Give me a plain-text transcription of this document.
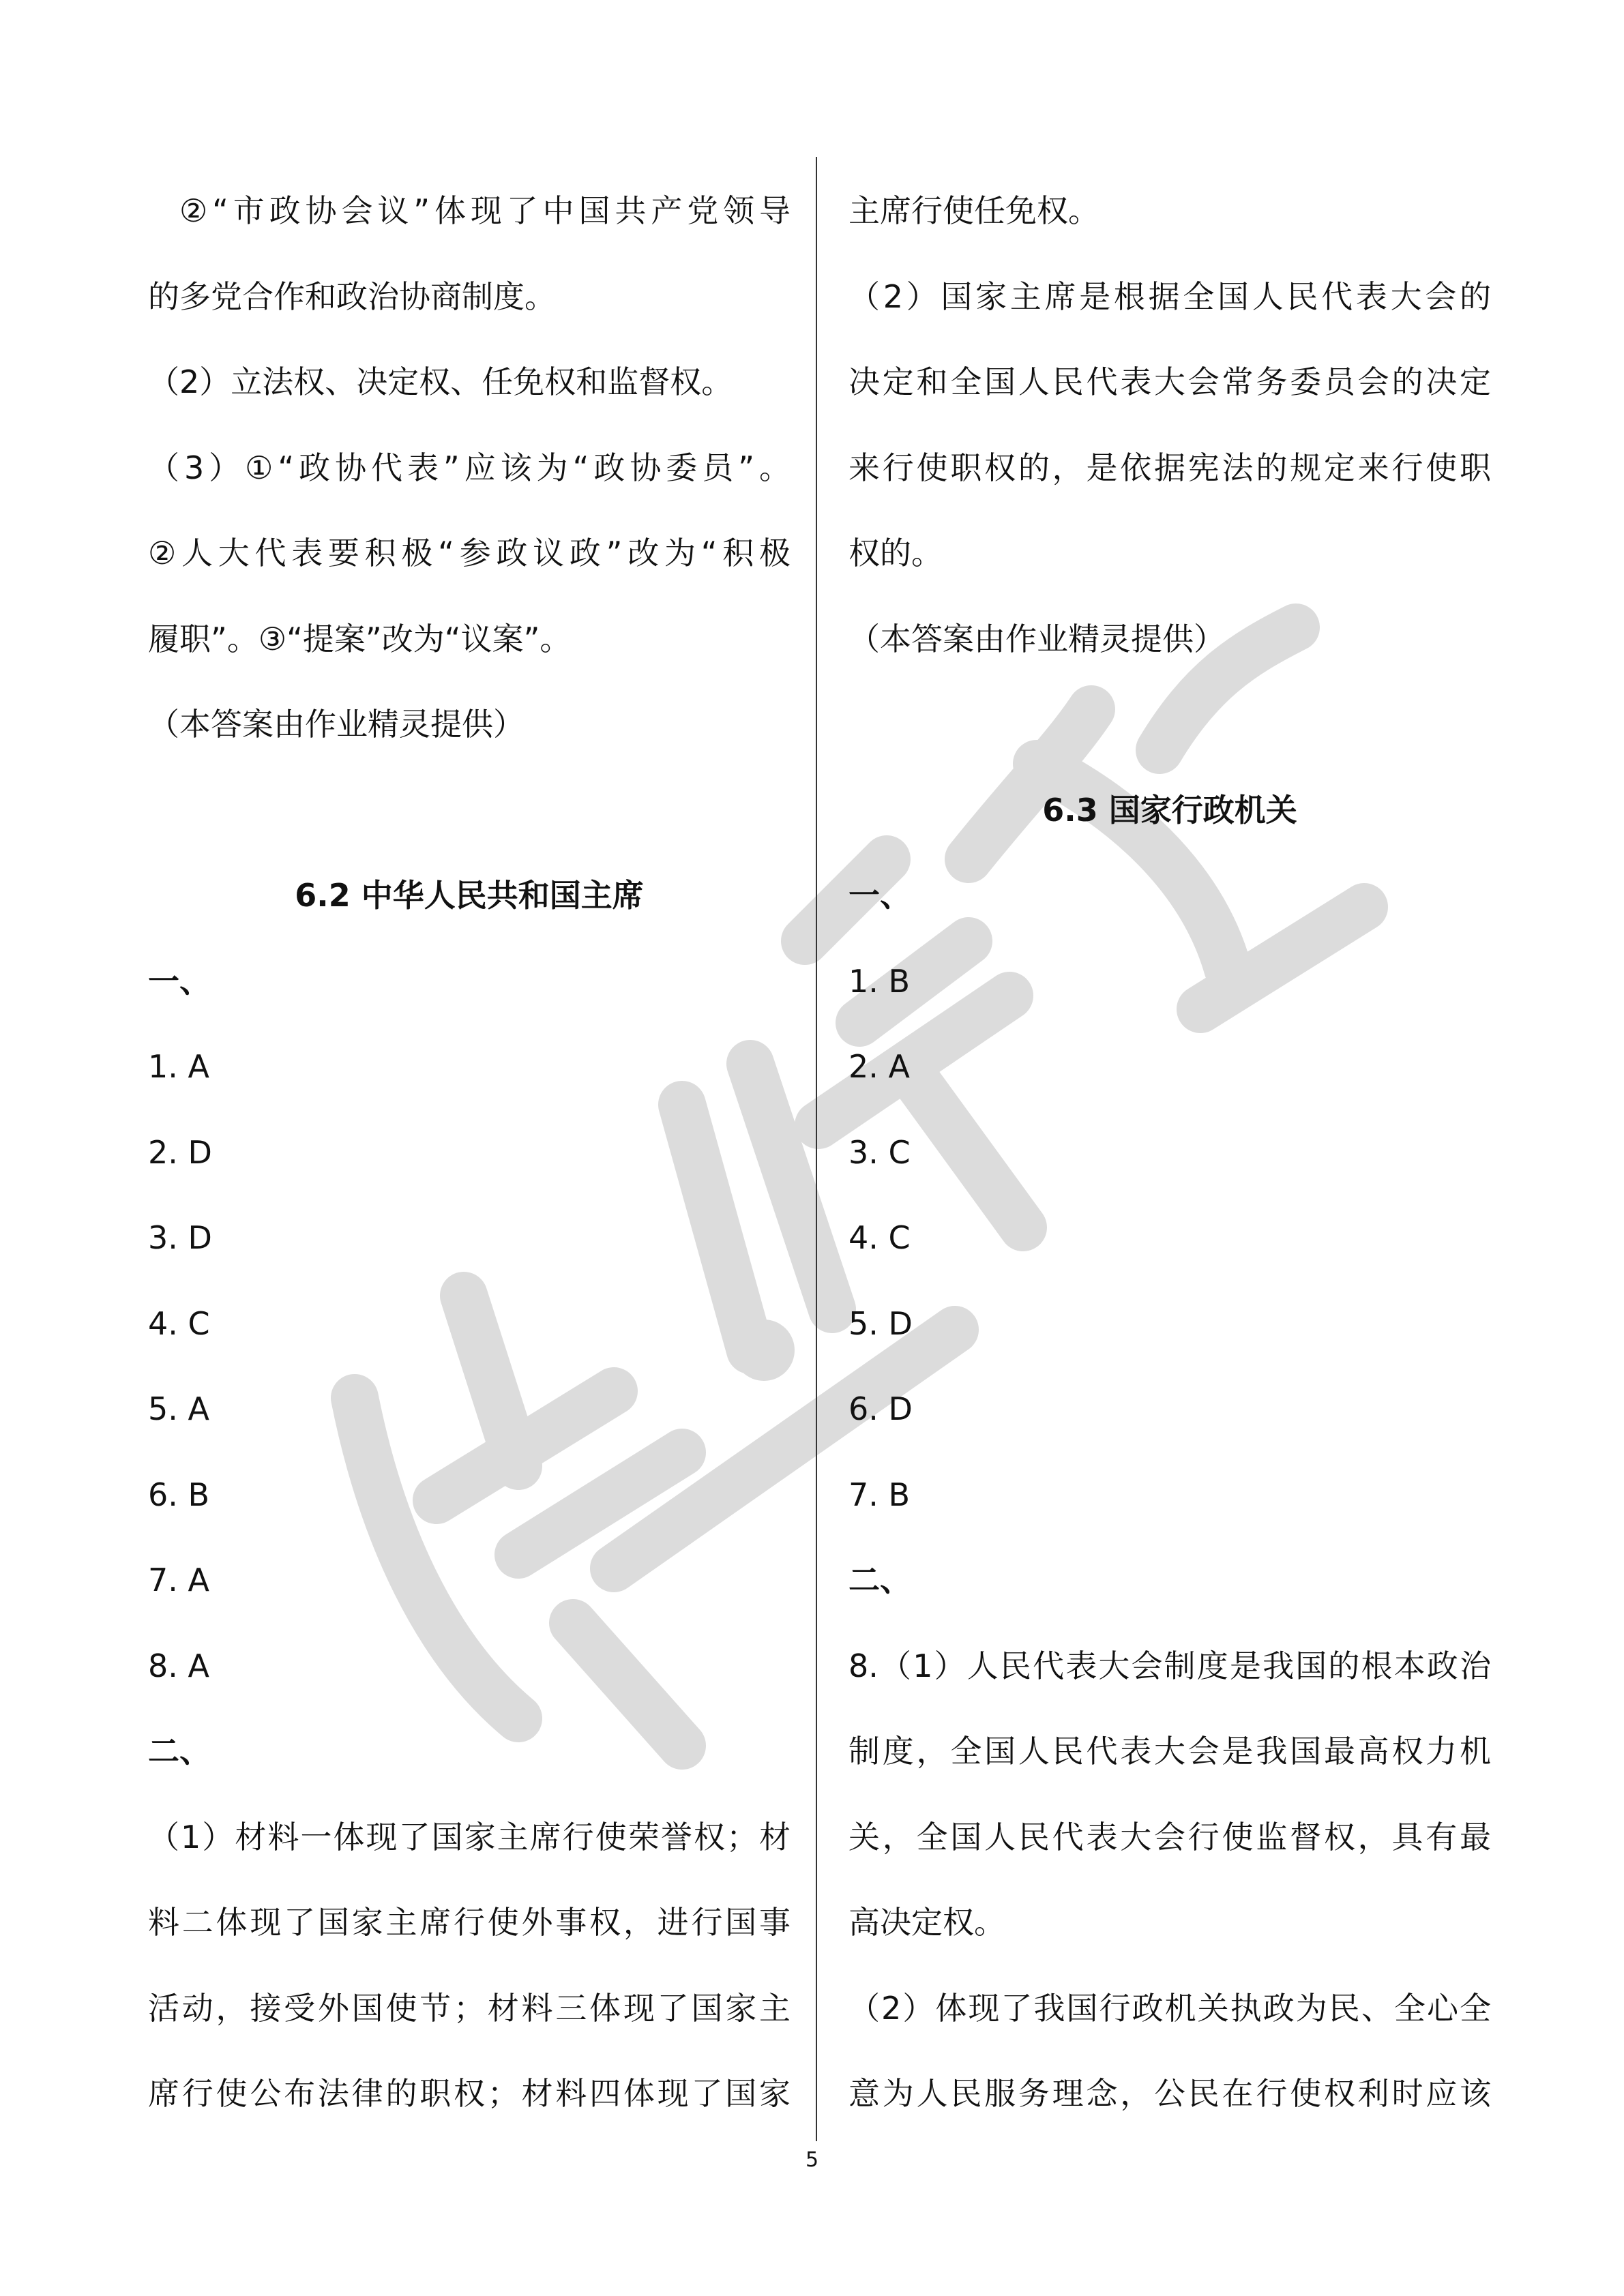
②“市政协会议”体现了中国共产党领导
的多党合作和政治协商制度。
（2）立法权、决定权、任免权和监督权。
（3）①“政协代表”应该为“政协委员”。
②人大代表要积极“参政议政”改为“积极
履职”。③“提案”改为“议案”。
（本答案由作业精灵提供）
6.2 中华人民共和国主席
一、
1. A
2. D
3. D
4. C
5. A
6. B
7. A
8. A
二、
（1）材料一体现了国家主席行使荣誉权；材
料二体现了国家主席行使外事权，进行国事
活动，接受外国使节；材料三体现了国家主
席行使公布法律的职权；材料四体现了国家
主席行使任免权。
（2）国家主席是根据全国人民代表大会的
决定和全国人民代表大会常务委员会的决定
来行使职权的，是依据宪法的规定来行使职
权的。
（本答案由作业精灵提供）
6.3 国家行政机关
一、
1. B
2. A
3. C
4. C
5. D
6. D
7. B
二、
8.（1）人民代表大会制度是我国的根本政治
制度，全国人民代表大会是我国最高权力机
关，全国人民代表大会行使监督权，具有最
高决定权。
（2）体现了我国行政机关执政为民、全心全
意为人民服务理念，公民在行使权利时应该
5
